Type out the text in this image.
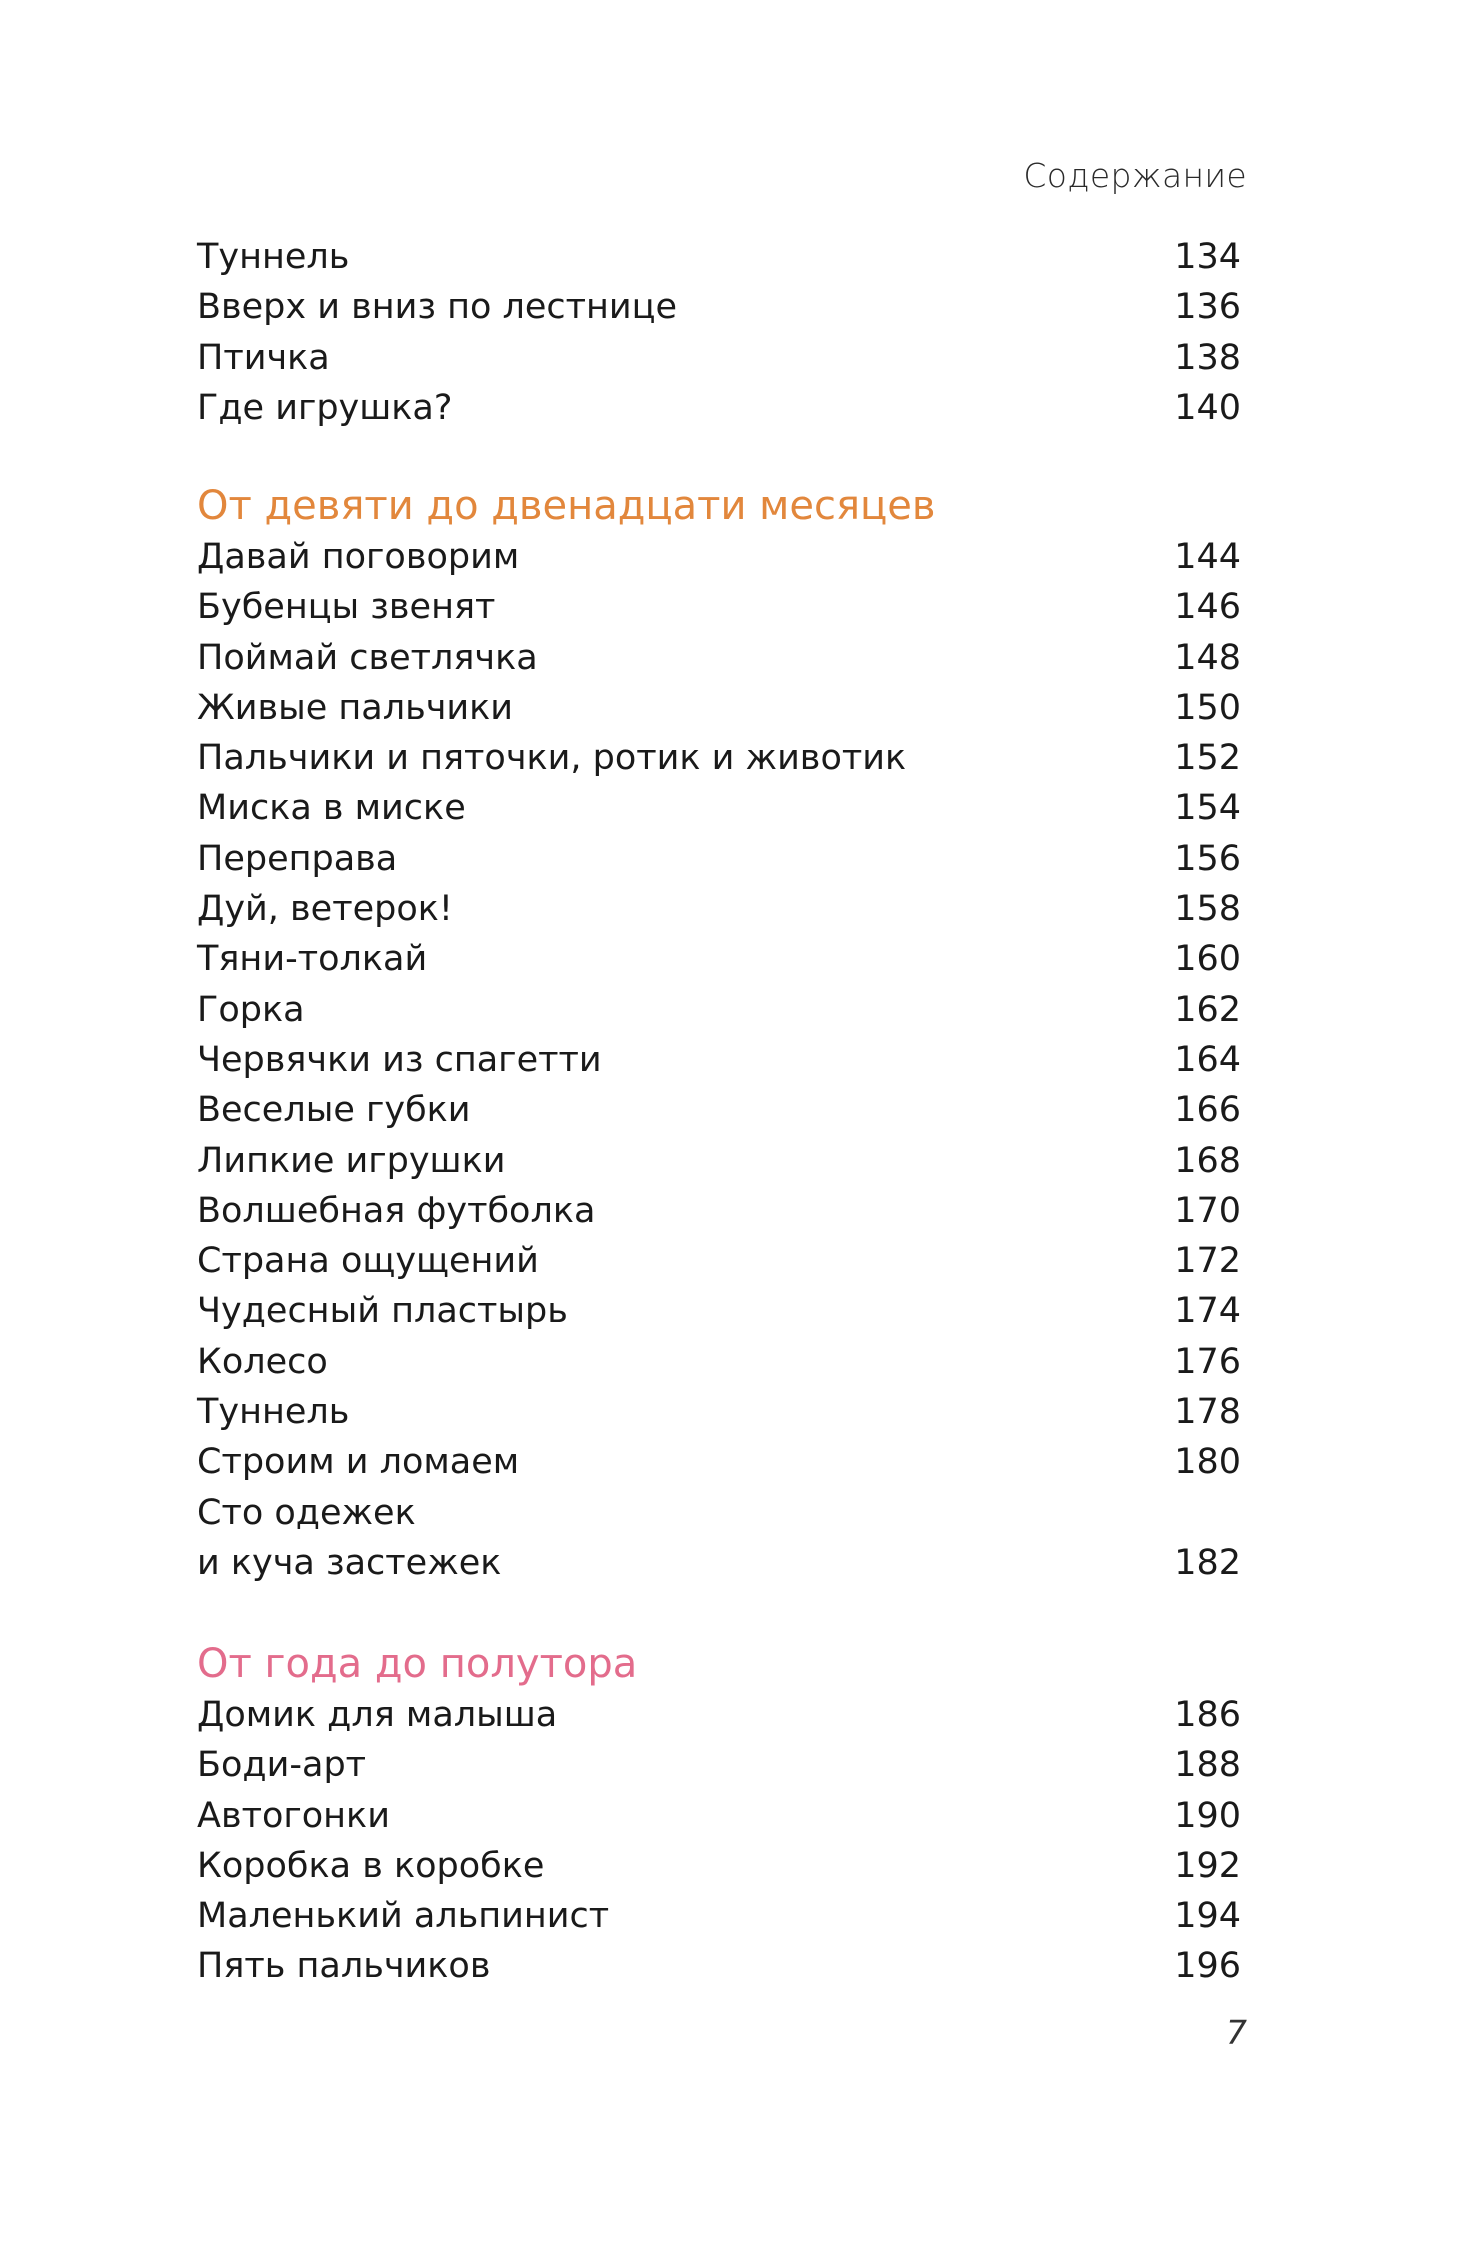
Содержание
Туннель	134
Вверх и вниз по лестнице	136
Птичка	138
Где игрушка?	140
От девяти до двенадцати месяцев
Давай поговорим	144
Бубенцы звенят	146
Поймай светлячка	148
Живые пальчики	150
Пальчики и пяточки, ротик и животик	152
Миска в миске	154
Переправа	156
Дуй, ветерок!	158
Тяни-толкай	160
Горка	162
Червячки из спагетти	164
Веселые губки	166
Липкие игрушки	168
Волшебная футболка	170
Страна ощущений	172
Чудесный пластырь	174
Колесо	176
Туннель	178
Строим и ломаем	180
Сто одежек
и куча застежек	182
От года до полутора
Домик для малыша	186
Боди-арт	188
Автогонки	190
Коробка в коробке	192
Маленький альпинист	194
Пять пальчиков	196
7
